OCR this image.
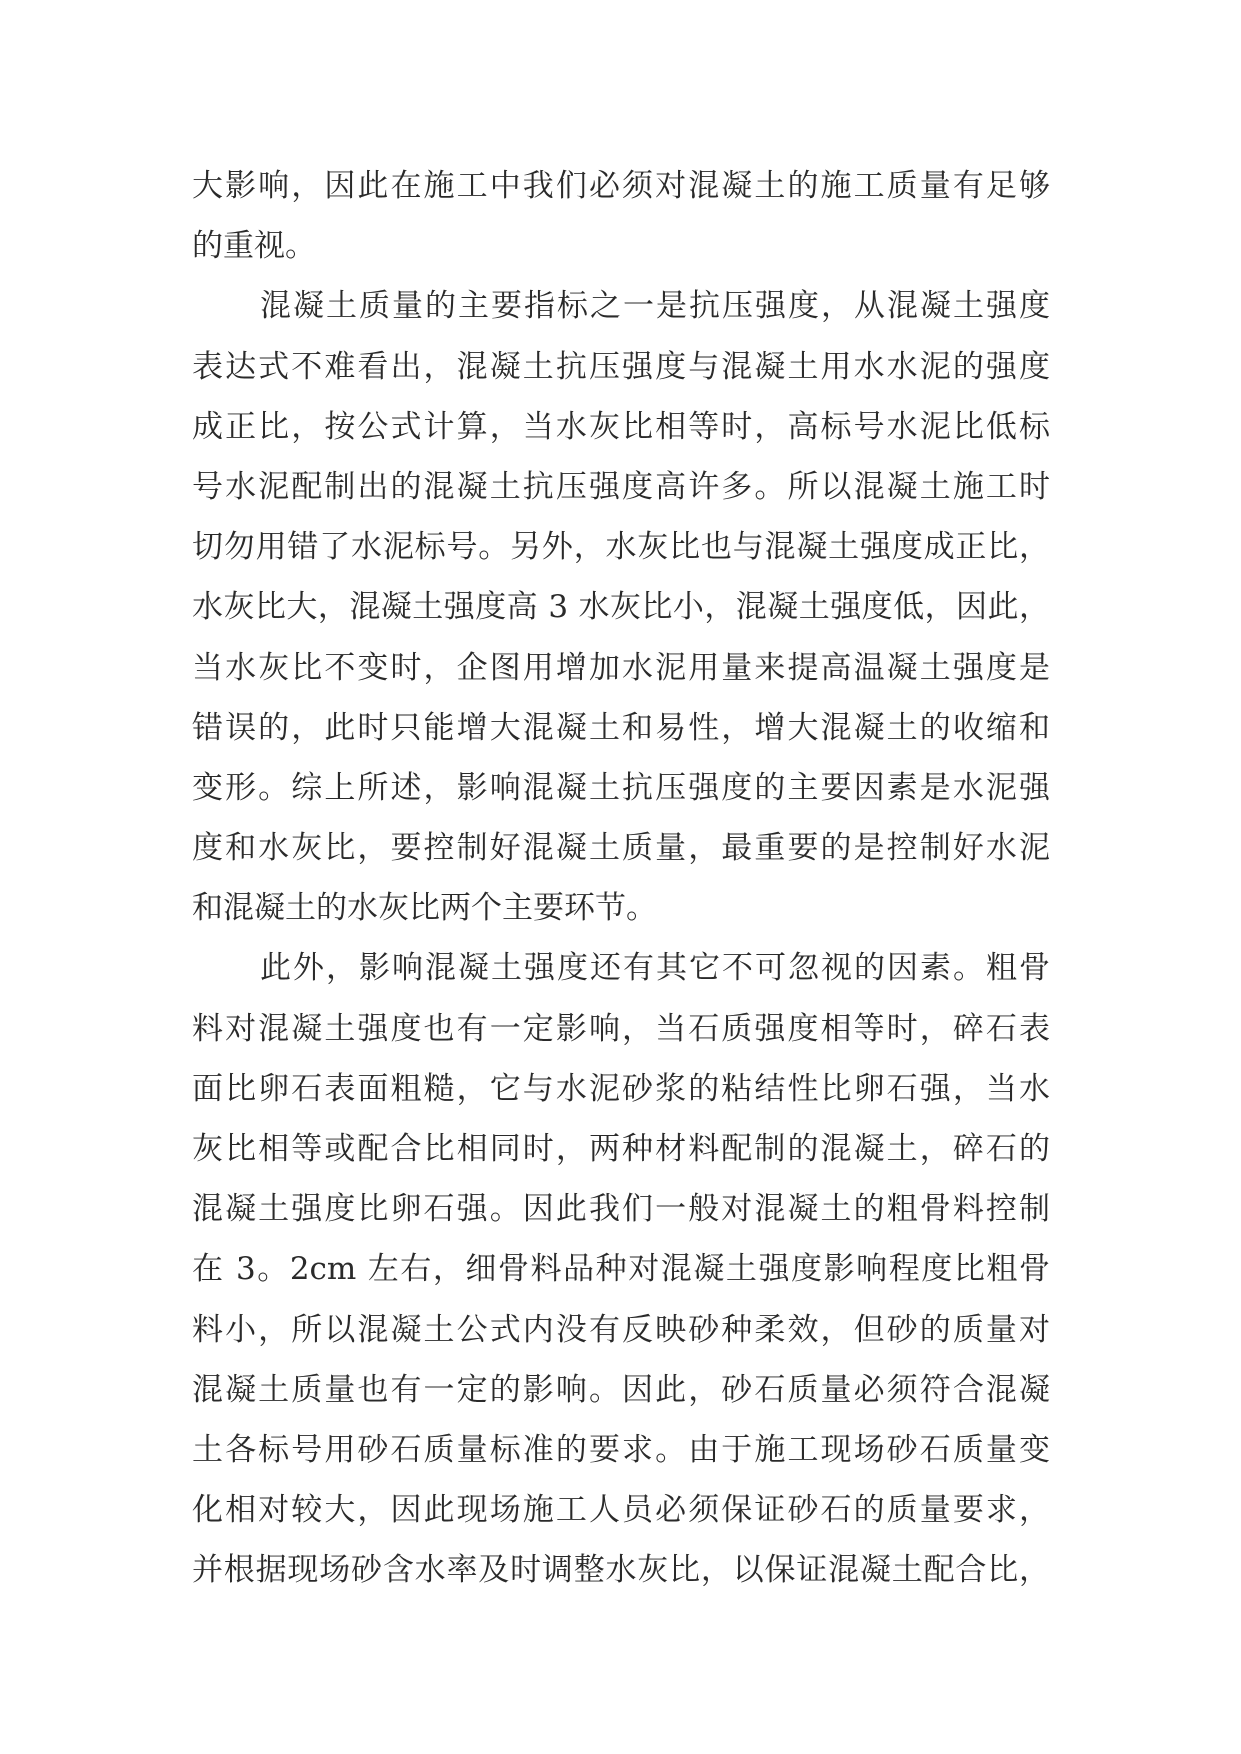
大影响，因此在施工中我们必须对混凝土的施工质量有足够
的重视。
混凝土质量的主要指标之一是抗压强度，从混凝土强度
表达式不难看出，混凝土抗压强度与混凝土用水水泥的强度
成正比，按公式计算，当水灰比相等时，高标号水泥比低标
号水泥配制出的混凝土抗压强度高许多。所以混凝土施工时
切勿用错了水泥标号。另外，水灰比也与混凝土强度成正比，
水灰比大，混凝土强度高 3 水灰比小，混凝土强度低，因此，
当水灰比不变时，企图用增加水泥用量来提高温凝土强度是
错误的，此时只能增大混凝土和易性，增大混凝土的收缩和
变形。综上所述，影响混凝土抗压强度的主要因素是水泥强
度和水灰比，要控制好混凝土质量，最重要的是控制好水泥
和混凝土的水灰比两个主要环节。
此外，影响混凝土强度还有其它不可忽视的因素。粗骨
料对混凝土强度也有一定影响，当石质强度相等时，碎石表
面比卵石表面粗糙，它与水泥砂浆的粘结性比卵石强，当水
灰比相等或配合比相同时，两种材料配制的混凝土，碎石的
混凝土强度比卵石强。因此我们一般对混凝土的粗骨料控制
在 3。2cm 左右，细骨料品种对混凝土强度影响程度比粗骨
料小，所以混凝土公式内没有反映砂种柔效，但砂的质量对
混凝土质量也有一定的影响。因此，砂石质量必须符合混凝
土各标号用砂石质量标准的要求。由于施工现场砂石质量变
化相对较大，因此现场施工人员必须保证砂石的质量要求，
并根据现场砂含水率及时调整水灰比，以保证混凝土配合比，
